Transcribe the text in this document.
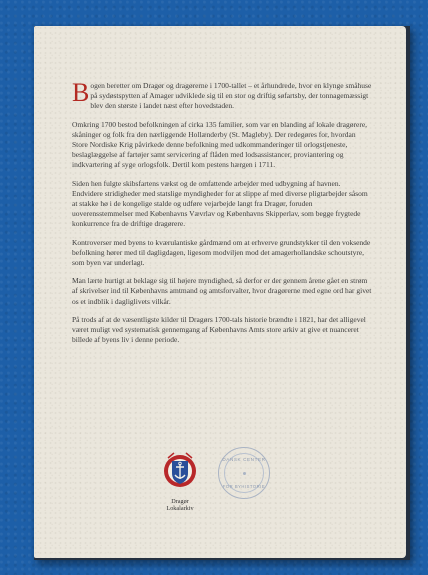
Bogen beretter om Dragør og dragørerne i 1700-tallet – et århundrede, hvor en klynge småhuse på sydøstspytten af Amager udviklede sig til en stor og driftig søfartsby, der tonnagemæssigt blev den største i landet næst efter hovedstaden.

Omkring 1700 bestod befolkningen af cirka 135 familier, som var en blanding af lokale dragørere, skåninger og folk fra den nærliggende Hollænderby (St. Magleby). Der redegøres for, hvordan Store Nordiske Krig påvirkede denne befolkning med udkommanderinger til orlogstjeneste, beslaglæggelse af fartøjer samt servicering af flåden med lodsassistancer, proviantering og indkvartering af syge orlogsfolk. Dertil kom pestens hærgen i 1711.

Siden hen fulgte skibsfartens vækst og de omfattende arbejder med udbygning af havnen. Endvidere stridigheder med statslige myndigheder for at slippe af med diverse pligtarbejder såsom at stakke hø i de kongelige stalde og udføre vejarbejde langt fra Dragør, foruden uoverensstemmelser med Københavns Vævrlav og Københavns Skipperlav, som begge frygtede konkurrence fra de driftige dragørere.

Kontroverser med byens to kværulantiske gårdmænd om at erhverve grundstykker til den voksende befolkning hører med til dagligdagen, ligesom modviljen mod det amagerhollandske schoutstyre, som byen var underlagt.

Man lærte hurtigt at beklage sig til højere myndighed, så derfor er der gennem årene gået en strøm af skrivelser ind til Københavns amtmand og amtsforvalter, hvor dragørerne med egne ord har givet os et indblik i dagliglivets vilkår.

På trods af at de væsentligste kilder til Dragørs 1700-tals historie brændte i 1821, har det alligevel været muligt ved systematisk gennemgang af Københavns Amts store arkiv at give et nuanceret billede af byens liv i denne periode.

Dragør
Lokalarkiv
DANSK CENTER
FOR BYHISTORIE
